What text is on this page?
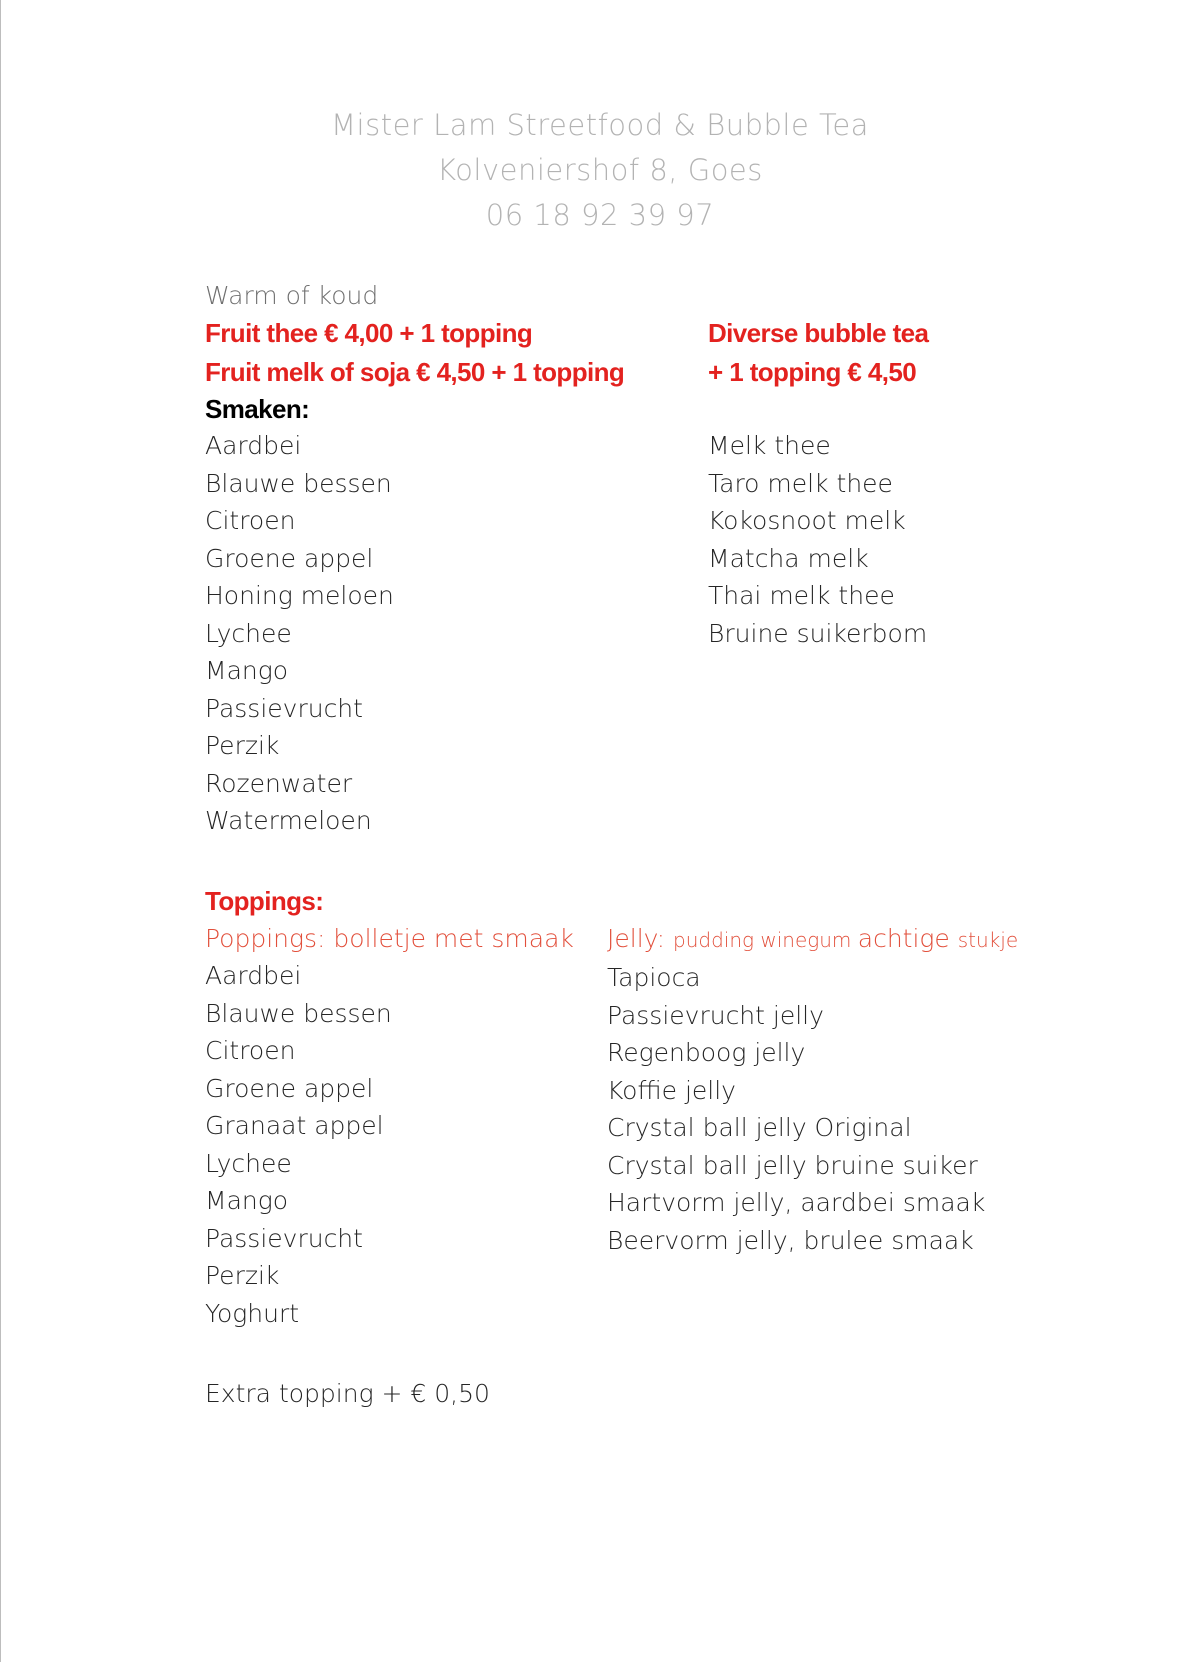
Mister Lam Streetfood & Bubble Tea
Kolveniershof 8, Goes
06 18 92 39 97
Warm of koud
Fruit thee € 4,00 + 1 topping
Fruit melk of soja € 4,50 + 1 topping
Smaken:
Aardbei
Blauwe bessen
Citroen
Groene appel
Honing meloen
Lychee
Mango
Passievrucht
Perzik
Rozenwater
Watermeloen
Diverse bubble tea
+ 1 topping € 4,50
Melk thee
Taro melk thee
Kokosnoot melk
Matcha melk
Thai melk thee
Bruine suikerbom
Toppings:
Poppings: bolletje met smaak
Aardbei
Blauwe bessen
Citroen
Groene appel
Granaat appel
Lychee
Mango
Passievrucht
Perzik
Yoghurt
Jelly: pudding winegum achtige stukje
Tapioca
Passievrucht jelly
Regenboog jelly
Koffie jelly
Crystal ball jelly Original
Crystal ball jelly bruine suiker
Hartvorm jelly, aardbei smaak
Beervorm jelly, brulee smaak
Extra topping + € 0,50
